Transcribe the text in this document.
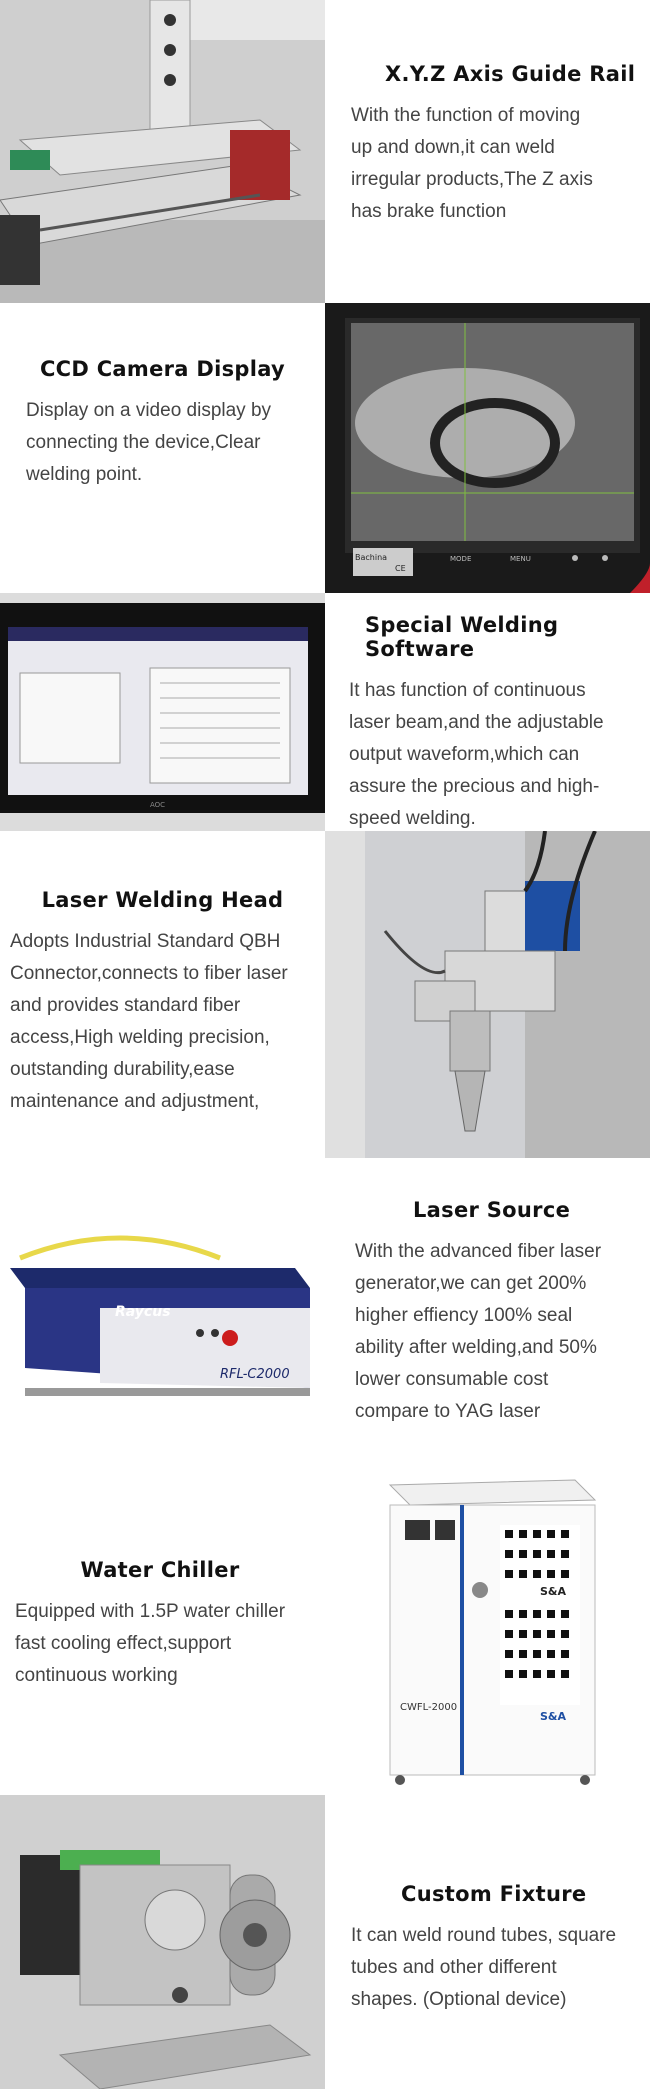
X.Y.Z Axis Guide Rail

With the function of moving
up and down,it can weld
irregular products,The Z axis
has brake function

CCD Camera Display

Display on a video display by
connecting the device,Clear
welding point.

Bachina
CE
MODE	MENU
AOC
Special Welding Software

It has function of continuous
laser beam,and the adjustable
output waveform,which can
assure the precious and high-
speed welding.

Laser Welding Head

Adopts Industrial Standard QBH
Connector,connects to fiber laser
and provides standard fiber
access,High welding precision,
outstanding durability,ease
maintenance and adjustment,

Raycus
RFL-C2000
Laser Source

With the advanced fiber laser
generator,we can get 200%
higher effiency 100% seal
ability after welding,and 50%
lower consumable cost
compare to YAG laser

Water Chiller

Equipped with 1.5P water chiller
fast cooling effect,support
continuous working

S&A
CWFL-2000
S&A
Custom Fixture

It can weld round tubes, square
tubes and other different
shapes. (Optional device)
